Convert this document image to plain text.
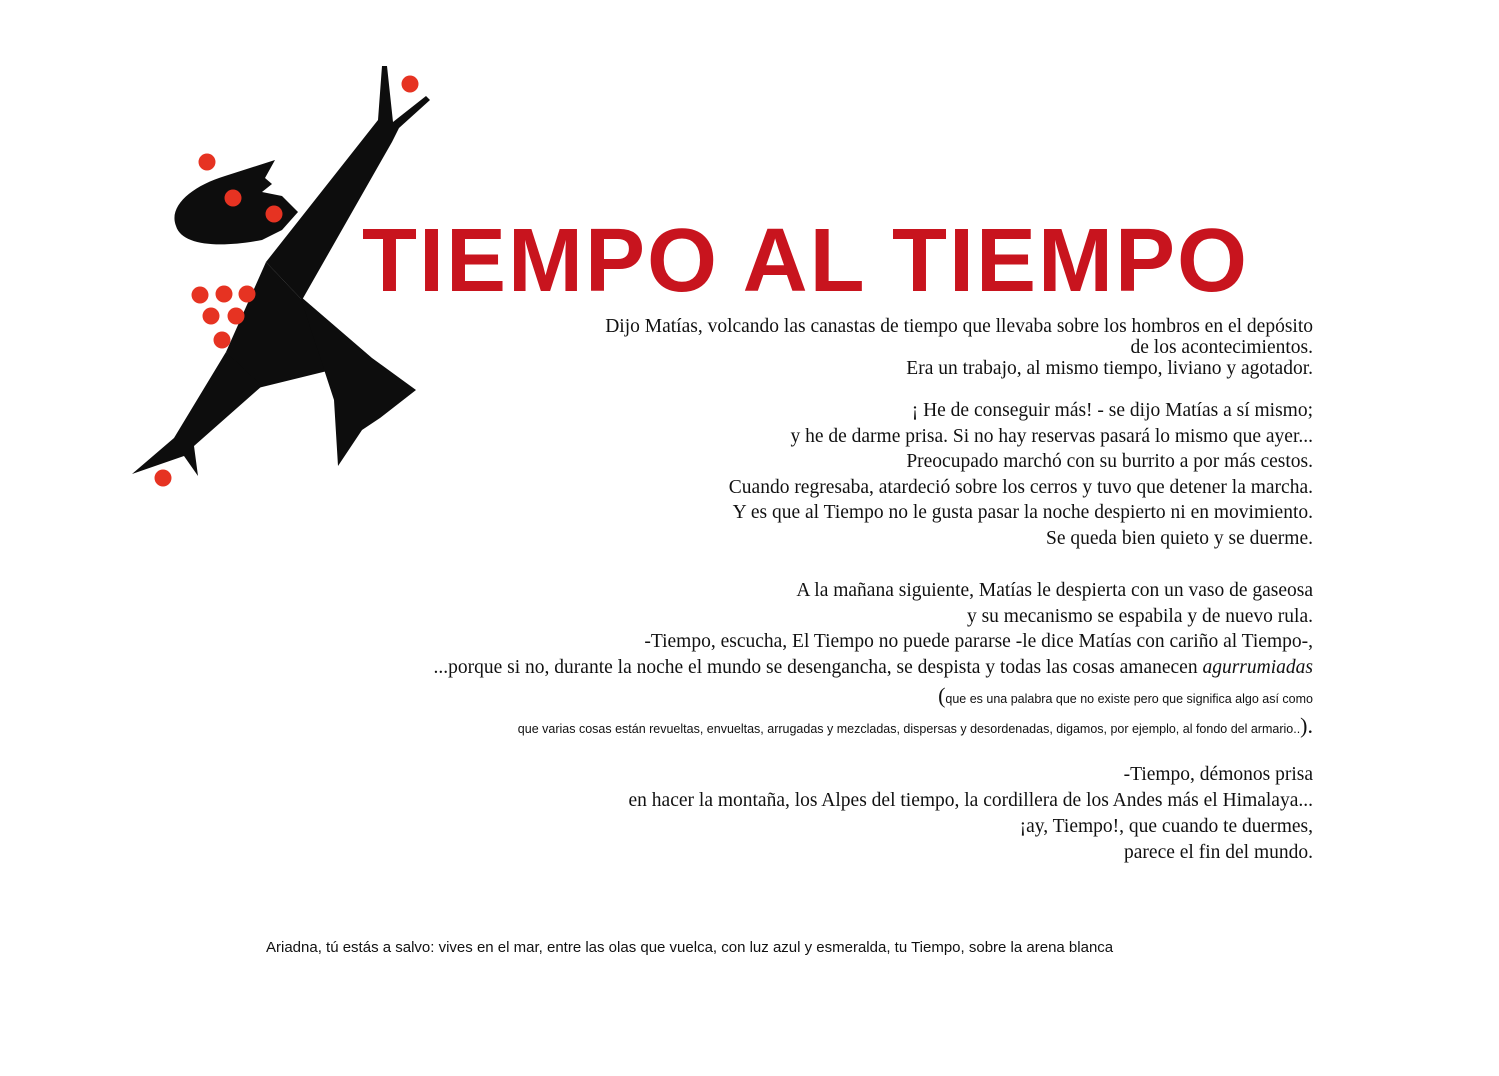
TIEMPO AL TIEMPO
Dijo Matías, volcando las canastas de tiempo que llevaba sobre los hombros en el depósito
de los acontecimientos.
Era un trabajo, al mismo tiempo, liviano y agotador.
¡ He de conseguir más! - se dijo Matías a sí mismo;
y he de darme prisa. Si no hay reservas pasará lo mismo que ayer...
Preocupado marchó con su burrito a por más cestos.
Cuando regresaba, atardeció sobre los cerros y tuvo que detener la marcha.
Y es que al Tiempo no le gusta pasar la noche despierto ni en movimiento.
Se queda bien quieto y se duerme.
A la mañana siguiente, Matías le despierta con un vaso de gaseosa
y su mecanismo se espabila y de nuevo rula.
-Tiempo, escucha, El Tiempo no puede pararse -le dice Matías con cariño al Tiempo-,
...porque si no, durante la noche el mundo se desengancha, se despista y todas las cosas amanecen agurrumiadas
(que es una palabra que no existe pero que significa algo así como
que varias cosas están revueltas, envueltas, arrugadas y mezcladas, dispersas y desordenadas, digamos, por ejemplo, al fondo del armario..).
-Tiempo, démonos prisa
en hacer la montaña, los Alpes del tiempo, la cordillera de los Andes más el Himalaya...
¡ay, Tiempo!, que cuando te duermes,
parece el fin del mundo.
Ariadna, tú estás a salvo: vives en el mar, entre las olas que vuelca, con luz azul y esmeralda, tu Tiempo, sobre la arena blanca
